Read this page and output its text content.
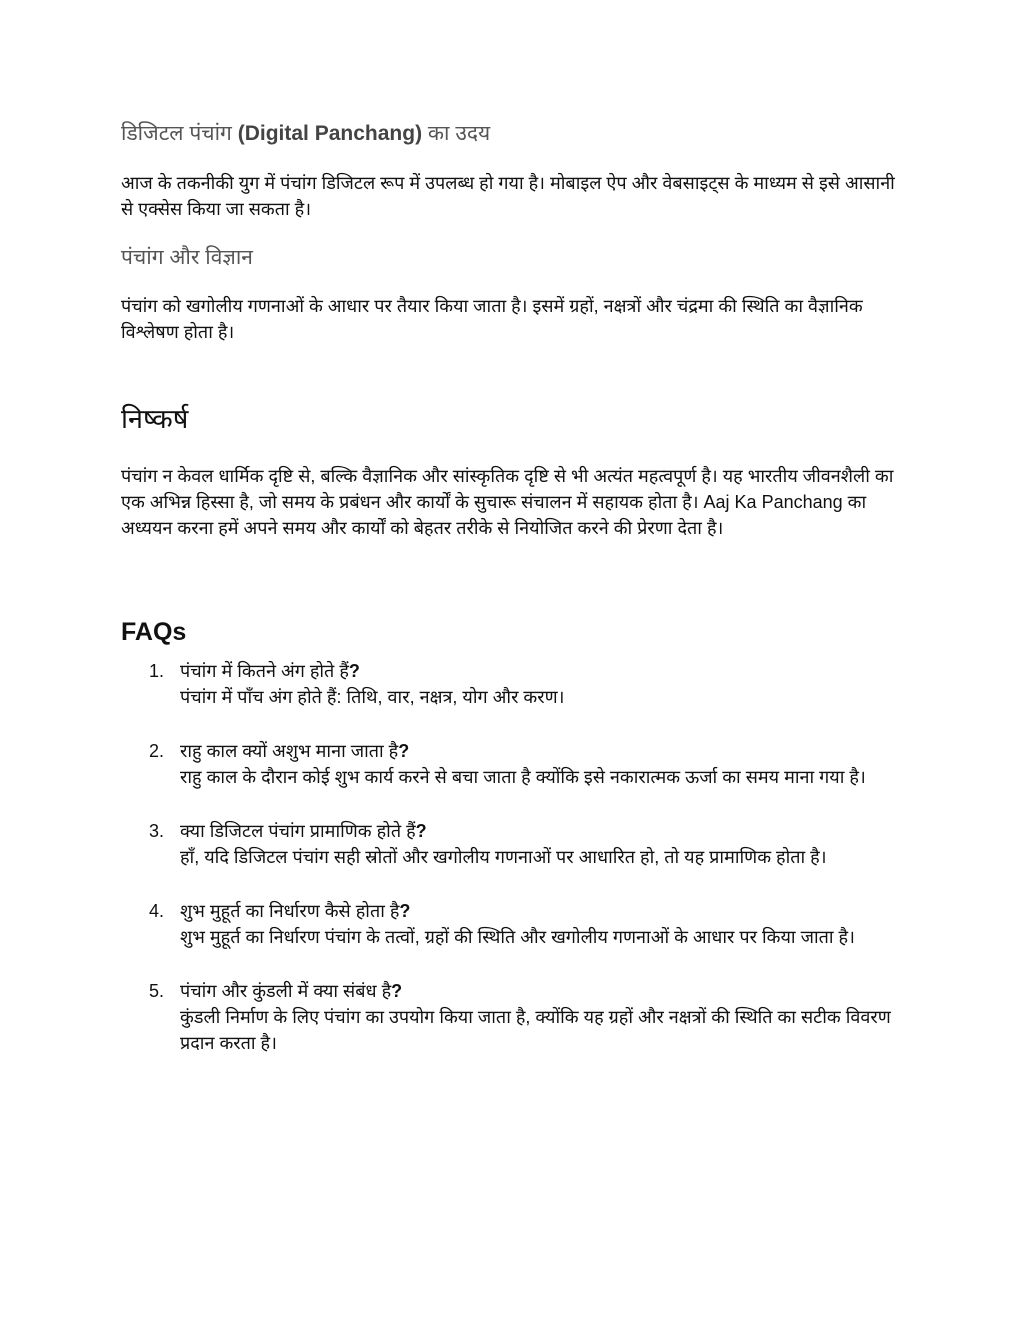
डिजिटल पंचांग (Digital Panchang) का उदय

आज के तकनीकी युग में पंचांग डिजिटल रूप में उपलब्ध हो गया है। मोबाइल ऐप और वेबसाइट्स के माध्यम से इसे आसानी से एक्सेस किया जा सकता है।

पंचांग और विज्ञान

पंचांग को खगोलीय गणनाओं के आधार पर तैयार किया जाता है। इसमें ग्रहों, नक्षत्रों और चंद्रमा की स्थिति का वैज्ञानिक विश्लेषण होता है।

निष्कर्ष

पंचांग न केवल धार्मिक दृष्टि से, बल्कि वैज्ञानिक और सांस्कृतिक दृष्टि से भी अत्यंत महत्वपूर्ण है। यह भारतीय जीवनशैली का एक अभिन्न हिस्सा है, जो समय के प्रबंधन और कार्यों के सुचारू संचालन में सहायक होता है। Aaj Ka Panchang का अध्ययन करना हमें अपने समय और कार्यों को बेहतर तरीके से नियोजित करने की प्रेरणा देता है।

FAQs
1. पंचांग में कितने अंग होते हैं?
पंचांग में पाँच अंग होते हैं: तिथि, वार, नक्षत्र, योग और करण।
2. राहु काल क्यों अशुभ माना जाता है?
राहु काल के दौरान कोई शुभ कार्य करने से बचा जाता है क्योंकि इसे नकारात्मक ऊर्जा का समय माना गया है।
3. क्या डिजिटल पंचांग प्रामाणिक होते हैं?
हाँ, यदि डिजिटल पंचांग सही स्रोतों और खगोलीय गणनाओं पर आधारित हो, तो यह प्रामाणिक होता है।
4. शुभ मुहूर्त का निर्धारण कैसे होता है?
शुभ मुहूर्त का निर्धारण पंचांग के तत्वों, ग्रहों की स्थिति और खगोलीय गणनाओं के आधार पर किया जाता है।
5. पंचांग और कुंडली में क्या संबंध है?
कुंडली निर्माण के लिए पंचांग का उपयोग किया जाता है, क्योंकि यह ग्रहों और नक्षत्रों की स्थिति का सटीक विवरण प्रदान करता है।
